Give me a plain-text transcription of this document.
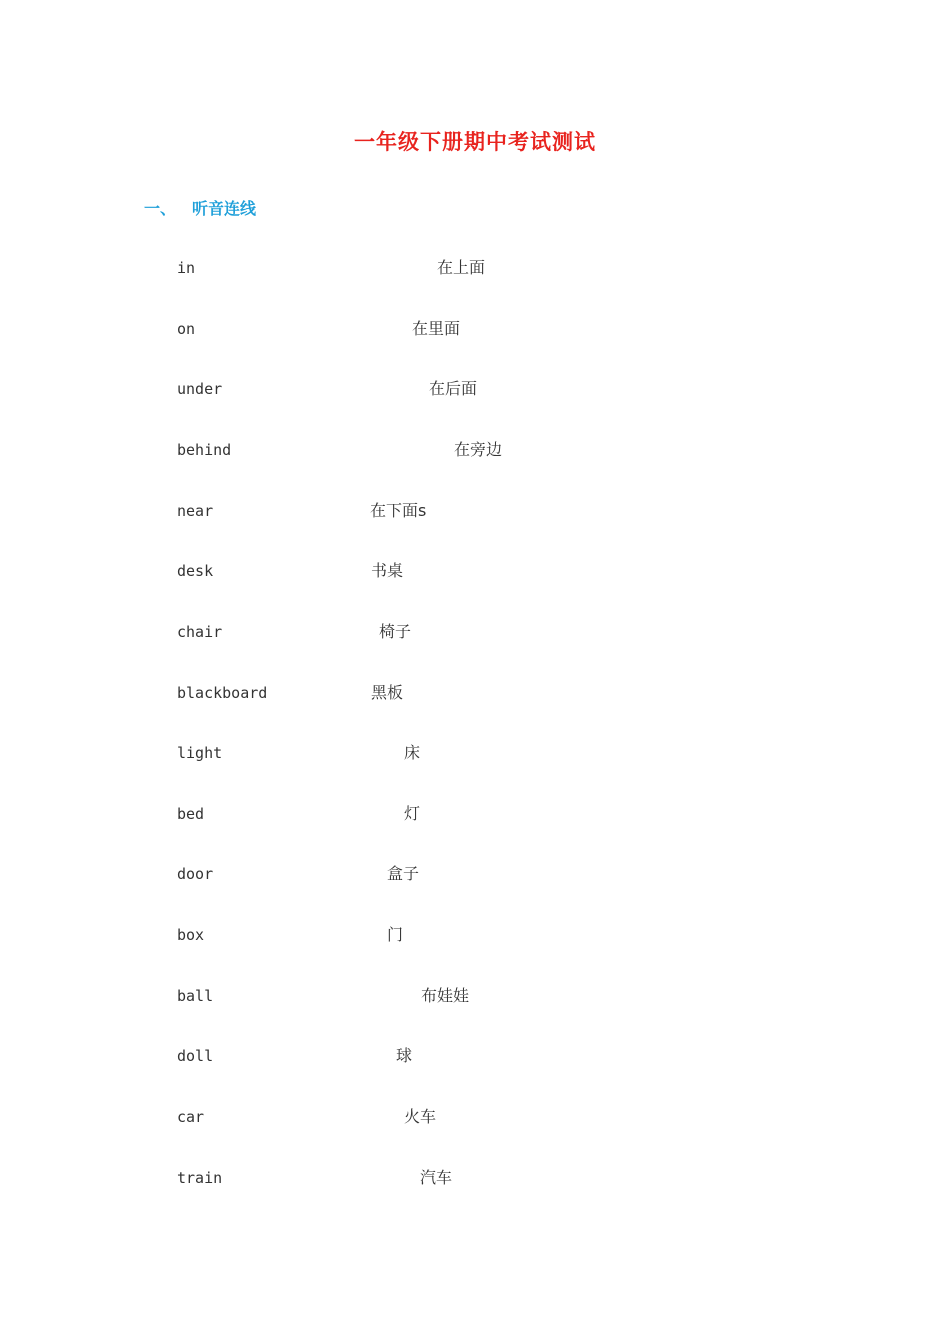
一年级下册期中考试测试
一、 听音连线
in	在上面
on	在里面
under	在后面
behind	在旁边
near	在下面s
desk	书桌
chair	椅子
blackboard	黑板
light	床
bed	灯
door	盒子
box	门
ball	布娃娃
doll	球
car	火车
train	汽车
